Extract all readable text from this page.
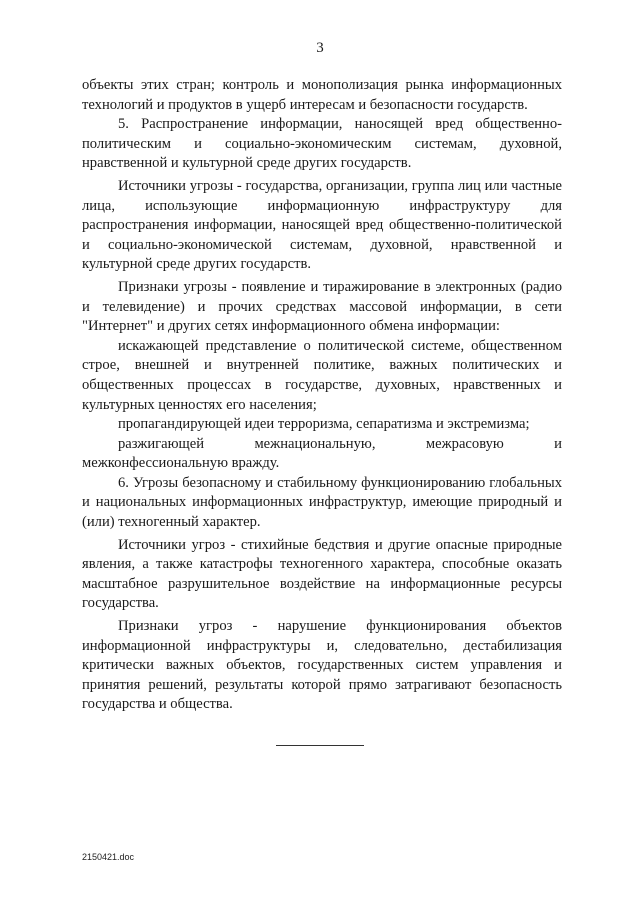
3

объекты этих стран; контроль и монополизация рынка информационных технологий и продуктов в ущерб интересам и безопасности государств.

5. Распространение информации, наносящей вред общественно-политическим и социально-экономическим системам, духовной, нравственной и культурной среде других государств.

Источники угрозы - государства, организации, группа лиц или частные лица, использующие информационную инфраструктуру для распространения информации, наносящей вред общественно-политической и социально-экономической системам, духовной, нравственной и культурной среде других государств.

Признаки угрозы - появление и тиражирование в электронных (радио и телевидение) и прочих средствах массовой информации, в сети "Интернет" и других сетях информационного обмена информации:

искажающей представление о политической системе, общественном строе, внешней и внутренней политике, важных политических и общественных процессах в государстве, духовных, нравственных и культурных ценностях его населения;

пропагандирующей идеи терроризма, сепаратизма и экстремизма;

разжигающей межнациональную, межрасовую и межконфессиональную вражду.

6. Угрозы безопасному и стабильному функционированию глобальных и национальных информационных инфраструктур, имеющие природный и (или) техногенный характер.

Источники угроз - стихийные бедствия и другие опасные природные явления, а также катастрофы техногенного характера, способные оказать масштабное разрушительное воздействие на информационные ресурсы государства.

Признаки угроз - нарушение функционирования объектов информационной инфраструктуры и, следовательно, дестабилизация критически важных объектов, государственных систем управления и принятия решений, результаты которой прямо затрагивают безопасность государства и общества.

2150421.doc
